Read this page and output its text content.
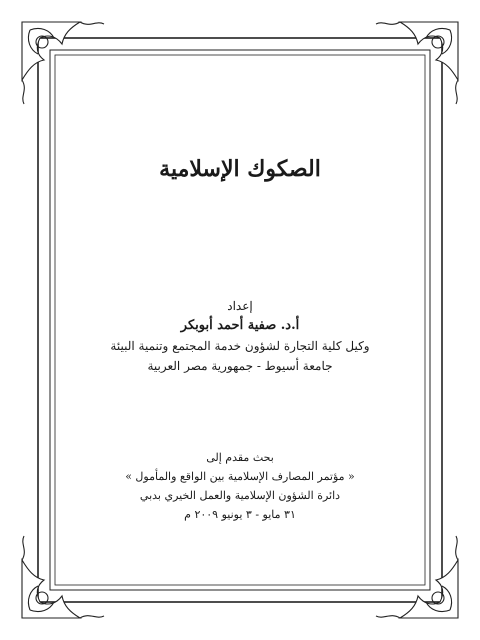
الصكوك الإسلامية
إعداد
أ.د. صفية أحمد أبوبكر
وكيل كلية التجارة لشؤون خدمة المجتمع وتنمية البيئة
جامعة أسيوط - جمهورية مصر العربية
بحث مقدم إلى
« مؤتمر المصارف الإسلامية بين الواقع والمأمول »
دائرة الشؤون الإسلامية والعمل الخيري بدبي
٣١ مايو - ٣ يونيو ٢٠٠٩ م
